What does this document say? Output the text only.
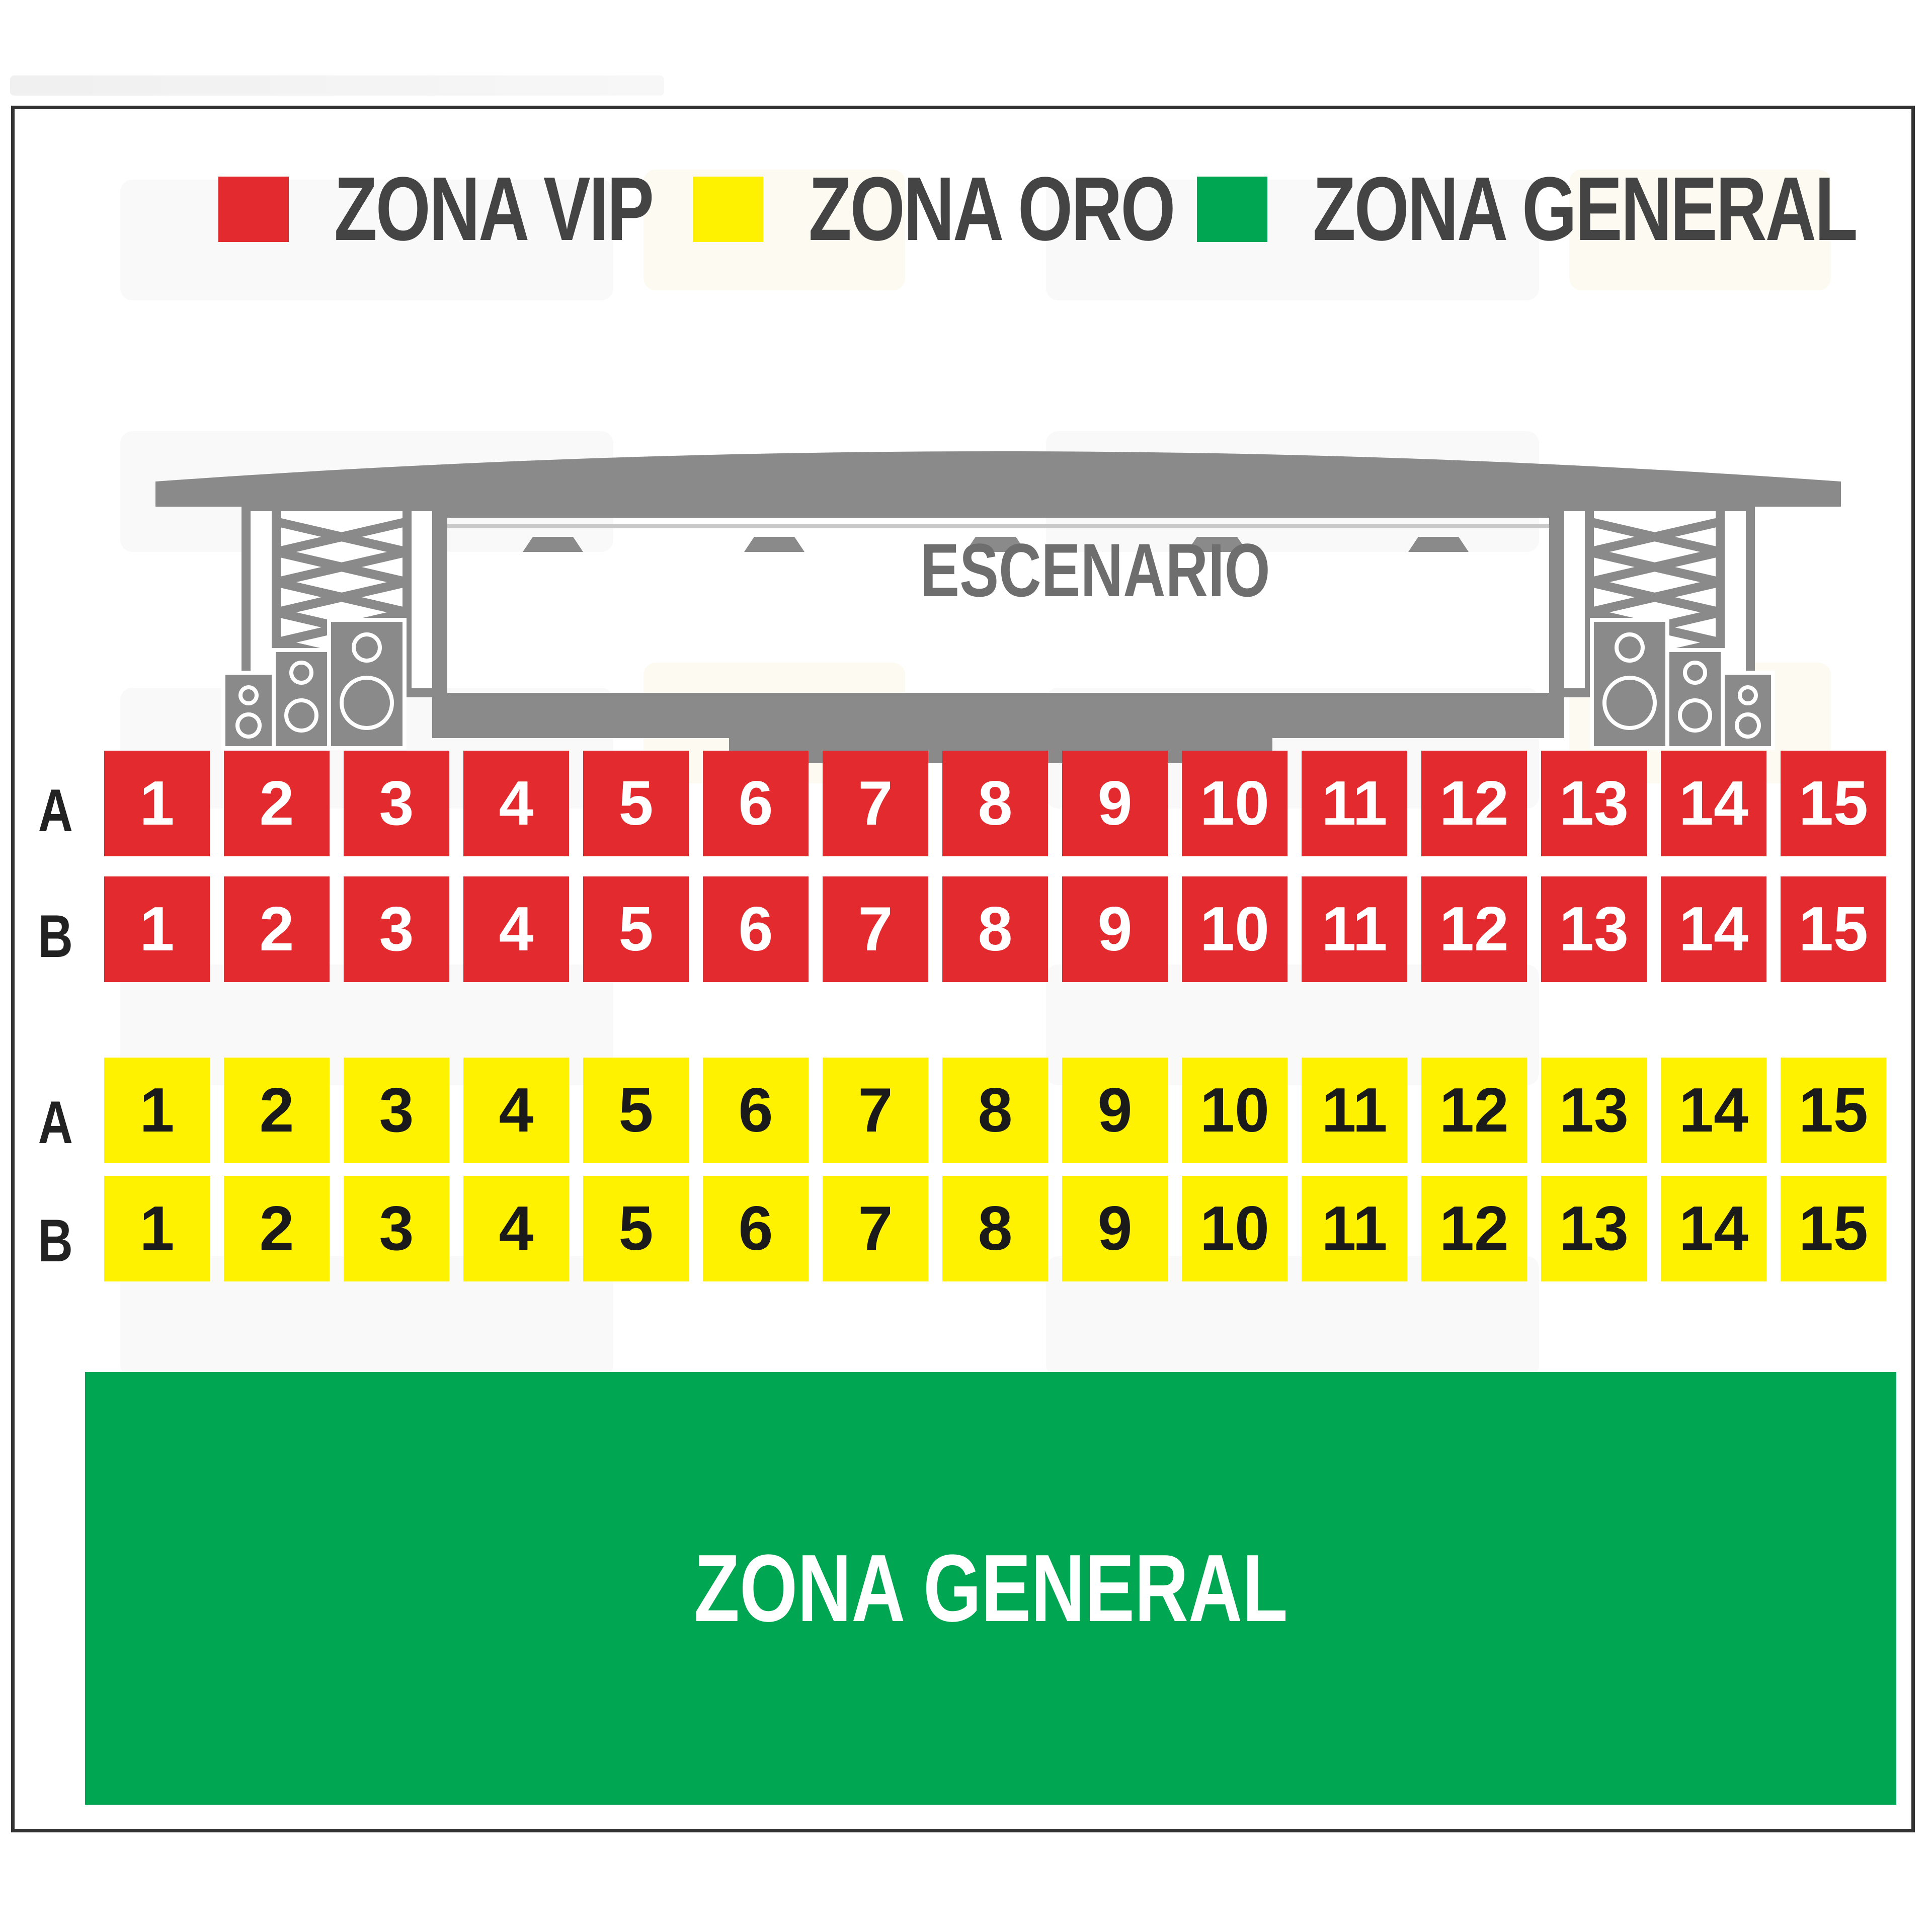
ZONA VIP ZONA ORO ZONA GENERAL
ESCENARIO
A	1	2	3	4	5	6	7	8	9	10 11 12 13 14 15
B	1	2	3	4	5	6	7	8	9	10 11 12 13 14 15
A	1	2	3	4	5	6	7	8	9	10 11 12 13 14 15
B	1	2	3	4	5	6	7	8	9	10 11 12 13 14 15
ZONA GENERAL
